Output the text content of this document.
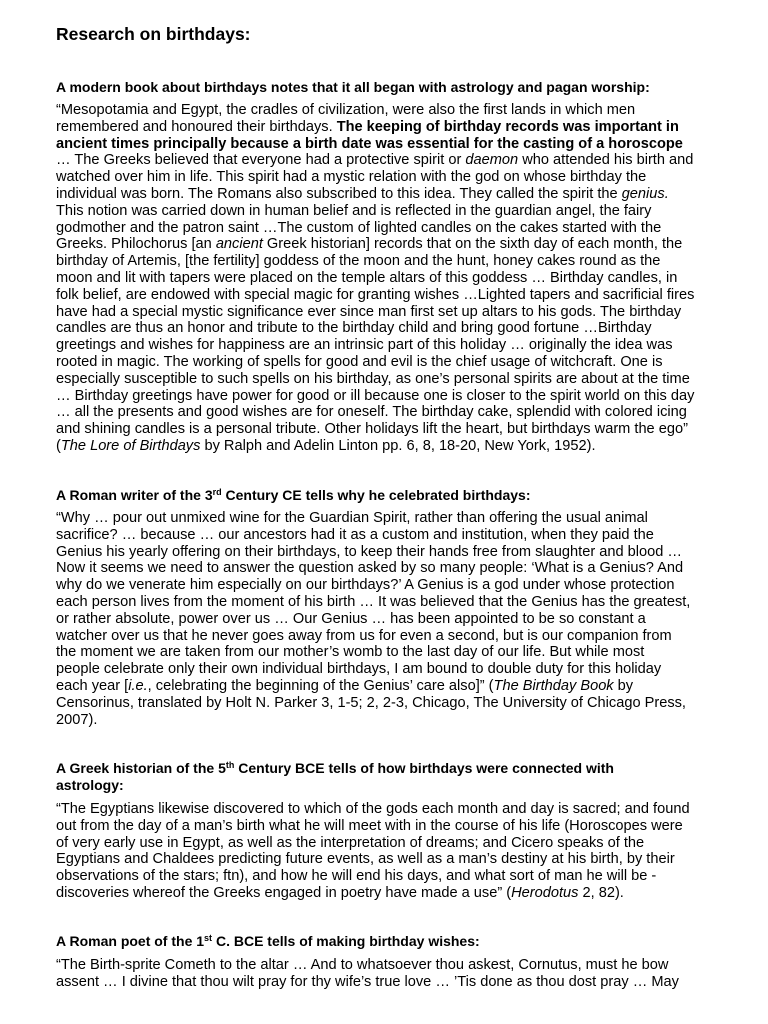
Research on birthdays:
A modern book about birthdays notes that it all began with astrology and pagan worship:
“Mesopotamia and Egypt, the cradles of civilization, were also the first lands in which men
remembered and honoured their birthdays. The keeping of birthday records was important in
ancient times principally because a birth date was essential for the casting of a horoscope
… The Greeks believed that everyone had a protective spirit or daemon who attended his birth and
watched over him in life. This spirit had a mystic relation with the god on whose birthday the
individual was born. The Romans also subscribed to this idea. They called the spirit the genius.
This notion was carried down in human belief and is reflected in the guardian angel, the fairy
godmother and the patron saint …The custom of lighted candles on the cakes started with the
Greeks. Philochorus [an ancient Greek historian] records that on the sixth day of each month, the
birthday of Artemis, [the fertility] goddess of the moon and the hunt, honey cakes round as the
moon and lit with tapers were placed on the temple altars of this goddess … Birthday candles, in
folk belief, are endowed with special magic for granting wishes …Lighted tapers and sacrificial fires
have had a special mystic significance ever since man first set up altars to his gods. The birthday
candles are thus an honor and tribute to the birthday child and bring good fortune …Birthday
greetings and wishes for happiness are an intrinsic part of this holiday … originally the idea was
rooted in magic. The working of spells for good and evil is the chief usage of witchcraft. One is
especially susceptible to such spells on his birthday, as one’s personal spirits are about at the time
… Birthday greetings have power for good or ill because one is closer to the spirit world on this day
… all the presents and good wishes are for oneself. The birthday cake, splendid with colored icing
and shining candles is a personal tribute. Other holidays lift the heart, but birthdays warm the ego”
(The Lore of Birthdays by Ralph and Adelin Linton pp. 6, 8, 18-20, New York, 1952).
A Roman writer of the 3rd Century CE tells why he celebrated birthdays:
“Why … pour out unmixed wine for the Guardian Spirit, rather than offering the usual animal
sacrifice? … because … our ancestors had it as a custom and institution, when they paid the
Genius his yearly offering on their birthdays, to keep their hands free from slaughter and blood …
Now it seems we need to answer the question asked by so many people: ‘What is a Genius? And
why do we venerate him especially on our birthdays?’ A Genius is a god under whose protection
each person lives from the moment of his birth … It was believed that the Genius has the greatest,
or rather absolute, power over us … Our Genius … has been appointed to be so constant a
watcher over us that he never goes away from us for even a second, but is our companion from
the moment we are taken from our mother’s womb to the last day of our life. But while most
people celebrate only their own individual birthdays, I am bound to double duty for this holiday
each year [i.e., celebrating the beginning of the Genius’ care also]” (The Birthday Book by
Censorinus, translated by Holt N. Parker 3, 1-5; 2, 2-3, Chicago, The University of Chicago Press,
2007).
A Greek historian of the 5th Century BCE tells of how birthdays were connected with
astrology:
“The Egyptians likewise discovered to which of the gods each month and day is sacred; and found
out from the day of a man’s birth what he will meet with in the course of his life (Horoscopes were
of very early use in Egypt, as well as the interpretation of dreams; and Cicero speaks of the
Egyptians and Chaldees predicting future events, as well as a man’s destiny at his birth, by their
observations of the stars; ftn), and how he will end his days, and what sort of man he will be -
discoveries whereof the Greeks engaged in poetry have made a use” (Herodotus 2, 82).
A Roman poet of the 1st C. BCE tells of making birthday wishes:
“The Birth-sprite Cometh to the altar … And to whatsoever thou askest, Cornutus, must he bow
assent … I divine that thou wilt pray for thy wife’s true love … ’Tis done as thou dost pray … May
